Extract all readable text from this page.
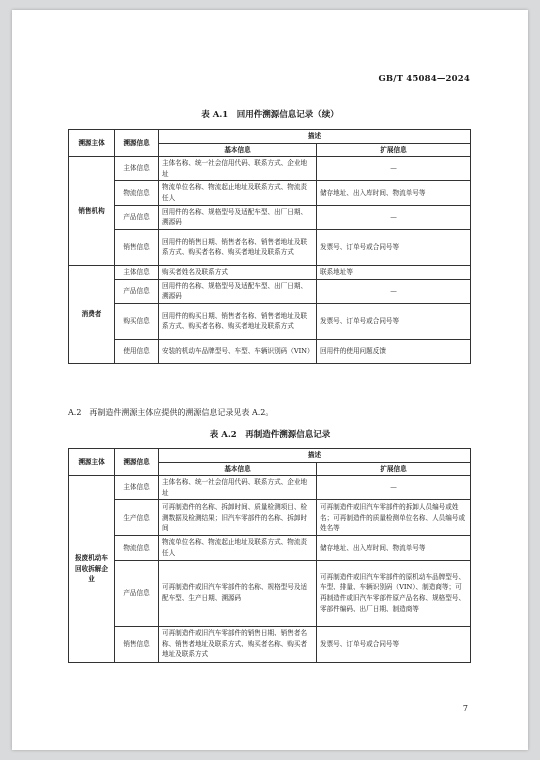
GB/T 45084—2024
表 A.1　回用件溯源信息记录（续）
溯源主体	溯源信息	描述	
		基本信息	扩展信息
销售机构	主体信息	主体名称、统一社会信用代码、联系方式、企业地址	—
	物流信息	物流单位名称、物流起止地址及联系方式、物流责任人	储存地址、出入库时间、物流单号等
	产品信息	回用件的名称、规格型号及适配车型、出厂日期、溯源码	—
	销售信息	回用件的销售日期、销售者名称、销售者地址及联系方式、购买者名称、购买者地址及联系方式	发票号、订单号或合同号等
消费者	主体信息	购买者姓名及联系方式	联系地址等
	产品信息	回用件的名称、规格型号及适配车型、出厂日期、溯源码	—
	购买信息	回用件的购买日期、销售者名称、销售者地址及联系方式、购买者名称、购买者地址及联系方式	发票号、订单号或合同号等
	使用信息	安装的机动车品牌型号、车型、车辆识别码（VIN）	回用件的使用问题反馈
A.2　再制造件溯源主体应提供的溯源信息记录见表 A.2。
表 A.2　再制造件溯源信息记录
溯源主体	溯源信息	描述	
		基本信息	扩展信息
报废机动车回收拆解企业	主体信息	主体名称、统一社会信用代码、联系方式、企业地址	—
	生产信息	可再制造件的名称、拆卸时间、质量检测项目、检测数据及检测结果；旧汽车零部件的名称、拆卸时间	可再制造件或旧汽车零部件的拆卸人员编号或姓名；可再制造件的质量检测单位名称、人员编号或姓名等
	物流信息	物流单位名称、物流起止地址及联系方式、物流责任人	储存地址、出入库时间、物流单号等
	产品信息	可再制造件或旧汽车零部件的名称、规格型号及适配车型、生产日期、溯源码	可再制造件或旧汽车零部件的原机动车品牌型号、车型、排量、车辆识别码（VIN）、制造商等；可再制造件或旧汽车零部件原产品名称、规格型号、零部件编码、出厂日期、制造商等
	销售信息	可再制造件或旧汽车零部件的销售日期、销售者名称、销售者地址及联系方式、购买者名称、购买者地址及联系方式	发票号、订单号或合同号等
7
